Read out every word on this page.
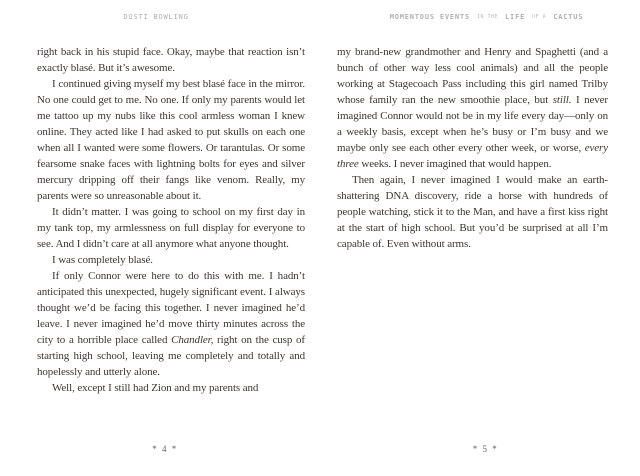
DUSTI BOWLING	MOMENTOUS EVENTS IN THE LIFE OF A CACTUS

right back in his stupid face. Okay, maybe that reaction isn’t exactly blasé. But it’s awesome.

I continued giving myself my best blasé face in the mirror. No one could get to me. No one. If only my parents would let me tattoo up my nubs like this cool armless woman I knew online. They acted like I had asked to put skulls on each one when all I wanted were some flowers. Or tarantulas. Or some fearsome snake faces with lightning bolts for eyes and silver mercury dripping off their fangs like venom. Really, my parents were so unreasonable about it.

It didn’t matter. I was going to school on my first day in my tank top, my armlessness on full display for everyone to see. And I didn’t care at all anymore what anyone thought.

I was completely blasé.

If only Connor were here to do this with me. I hadn’t anticipated this unexpected, hugely significant event. I always thought we’d be facing this together. I never imagined he’d leave. I never imagined he’d move thirty minutes across the city to a horrible place called Chandler, right on the cusp of starting high school, leaving me completely and totally and hopelessly and utterly alone.

Well, except I still had Zion and my parents and

my brand-new grandmother and Henry and Spaghetti (and a bunch of other way less cool animals) and all the people working at Stagecoach Pass including this girl named Trilby whose family ran the new smoothie place, but still. I never imagined Connor would not be in my life every day—only on a weekly basis, except when he’s busy or I’m busy and we maybe only see each other every other week, or worse, every three weeks. I never imagined that would happen.

Then again, I never imagined I would make an earth-shattering DNA discovery, ride a horse with hundreds of people watching, stick it to the Man, and have a first kiss right at the start of high school. But you’d be surprised at all I’m capable of. Even without arms.

* 4 *	* 5 *
